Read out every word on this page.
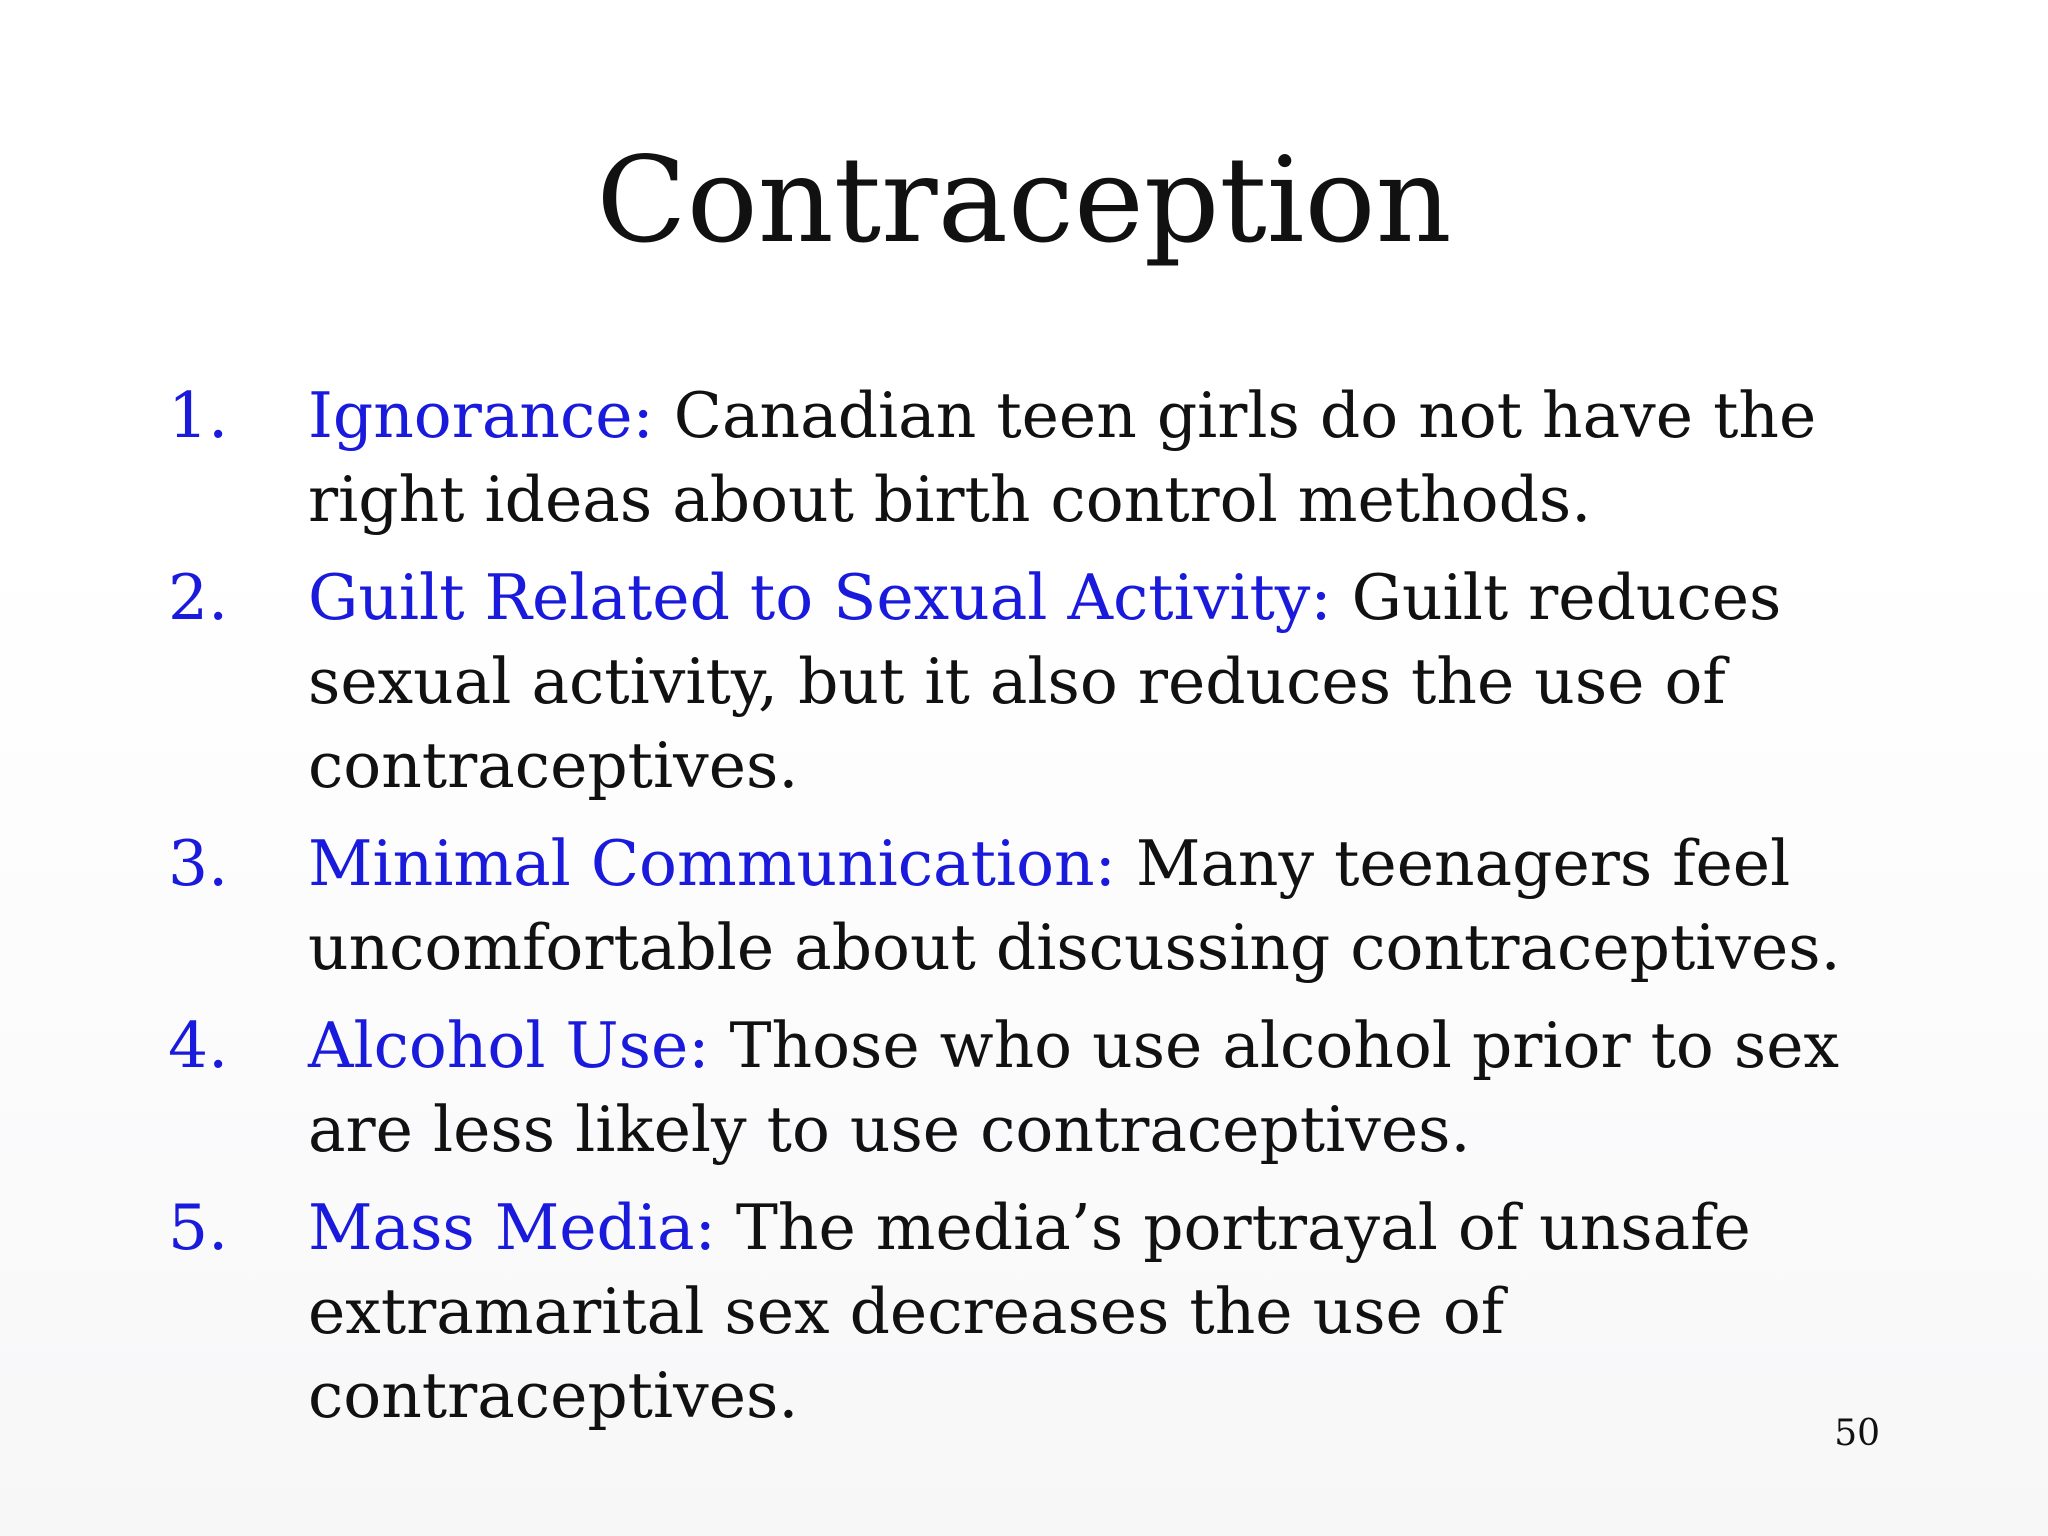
Contraception
1. Ignorance: Canadian teen girls do not have the right ideas about birth control methods.
2. Guilt Related to Sexual Activity: Guilt reduces sexual activity, but it also reduces the use of contraceptives.
3. Minimal Communication: Many teenagers feel uncomfortable about discussing contraceptives.
4. Alcohol Use: Those who use alcohol prior to sex are less likely to use contraceptives.
5. Mass Media: The media’s portrayal of unsafe extramarital sex decreases the use of contraceptives.
50
